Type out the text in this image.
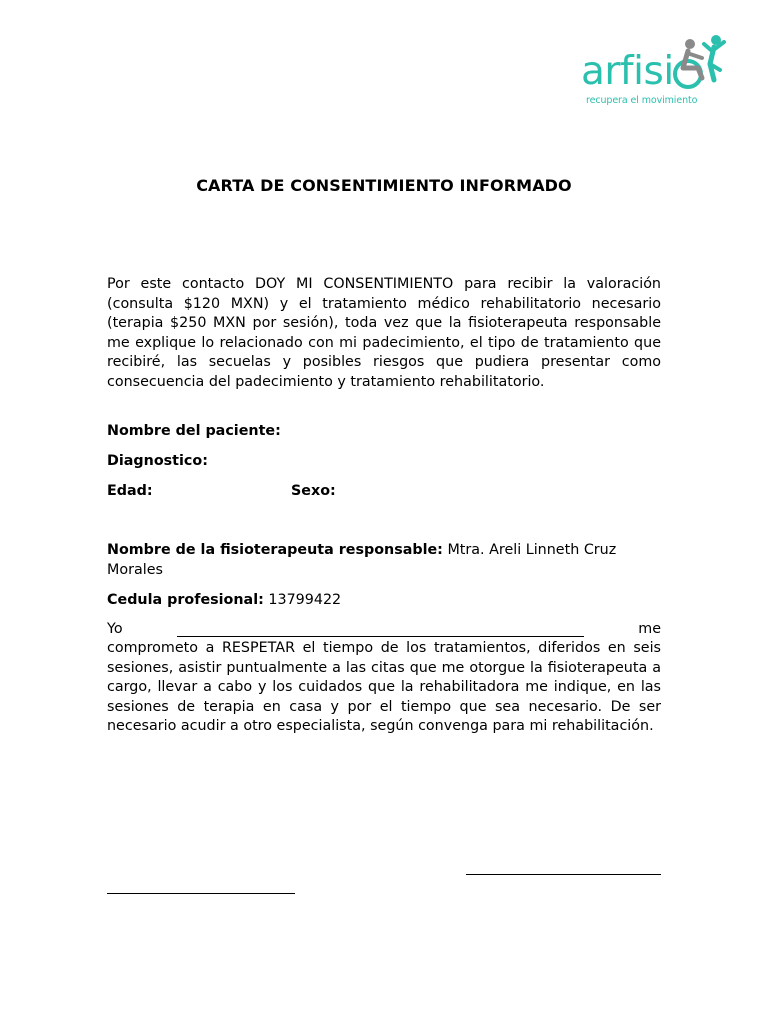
arfisi
recupera el movimiento
CARTA DE CONSENTIMIENTO INFORMADO

Por este contacto DOY MI CONSENTIMIENTO para recibir la valoración (consulta $120 MXN) y el tratamiento médico rehabilitatorio necesario (terapia $250 MXN por sesión), toda vez que la fisioterapeuta responsable me explique lo relacionado con mi padecimiento, el tipo de tratamiento que recibiré, las secuelas y posibles riesgos que pudiera presentar como consecuencia del padecimiento y tratamiento rehabilitatorio.

Nombre del paciente:
Diagnostico:
Edad:	Sexo:

Nombre de la fisioterapeuta responsable: Mtra. Areli Linneth Cruz Morales

Cedula profesional: 13799422

Yo	me

comprometo a RESPETAR el tiempo de los tratamientos, diferidos en seis sesiones, asistir puntualmente a las citas que me otorgue la fisioterapeuta a cargo, llevar a cabo y los cuidados que la rehabilitadora me indique, en las sesiones de terapia en casa y por el tiempo que sea necesario. De ser necesario acudir a otro especialista, según convenga para mi rehabilitación.
